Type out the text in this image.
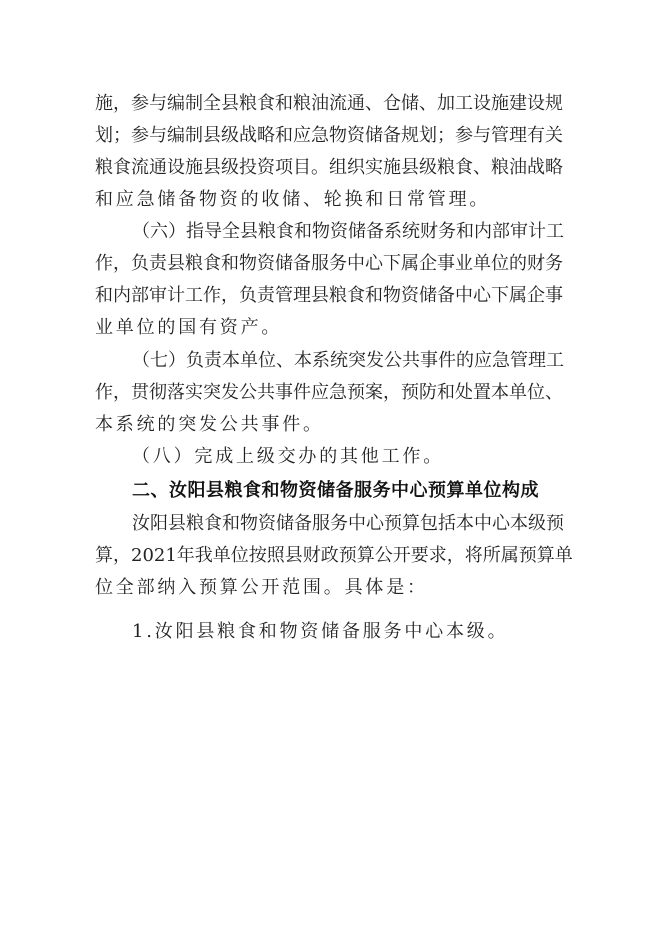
施，参与编制全县粮食和粮油流通、仓储、加工设施建设规
划；参与编制县级战略和应急物资储备规划；参与管理有关
粮食流通设施县级投资项目。组织实施县级粮食、粮油战略
和应急储备物资的收储、轮换和日常管理。
（六）指导全县粮食和物资储备系统财务和内部审计工
作，负责县粮食和物资储备服务中心下属企事业单位的财务
和内部审计工作，负责管理县粮食和物资储备中心下属企事
业单位的国有资产。
（七）负责本单位、本系统突发公共事件的应急管理工
作，贯彻落实突发公共事件应急预案，预防和处置本单位、
本系统的突发公共事件。
（八）完成上级交办的其他工作。
二、汝阳县粮食和物资储备服务中心预算单位构成
汝阳县粮食和物资储备服务中心预算包括本中心本级预
算，2021年我单位按照县财政预算公开要求，将所属预算单
位全部纳入预算公开范围。具体是：
1.汝阳县粮食和物资储备服务中心本级。
